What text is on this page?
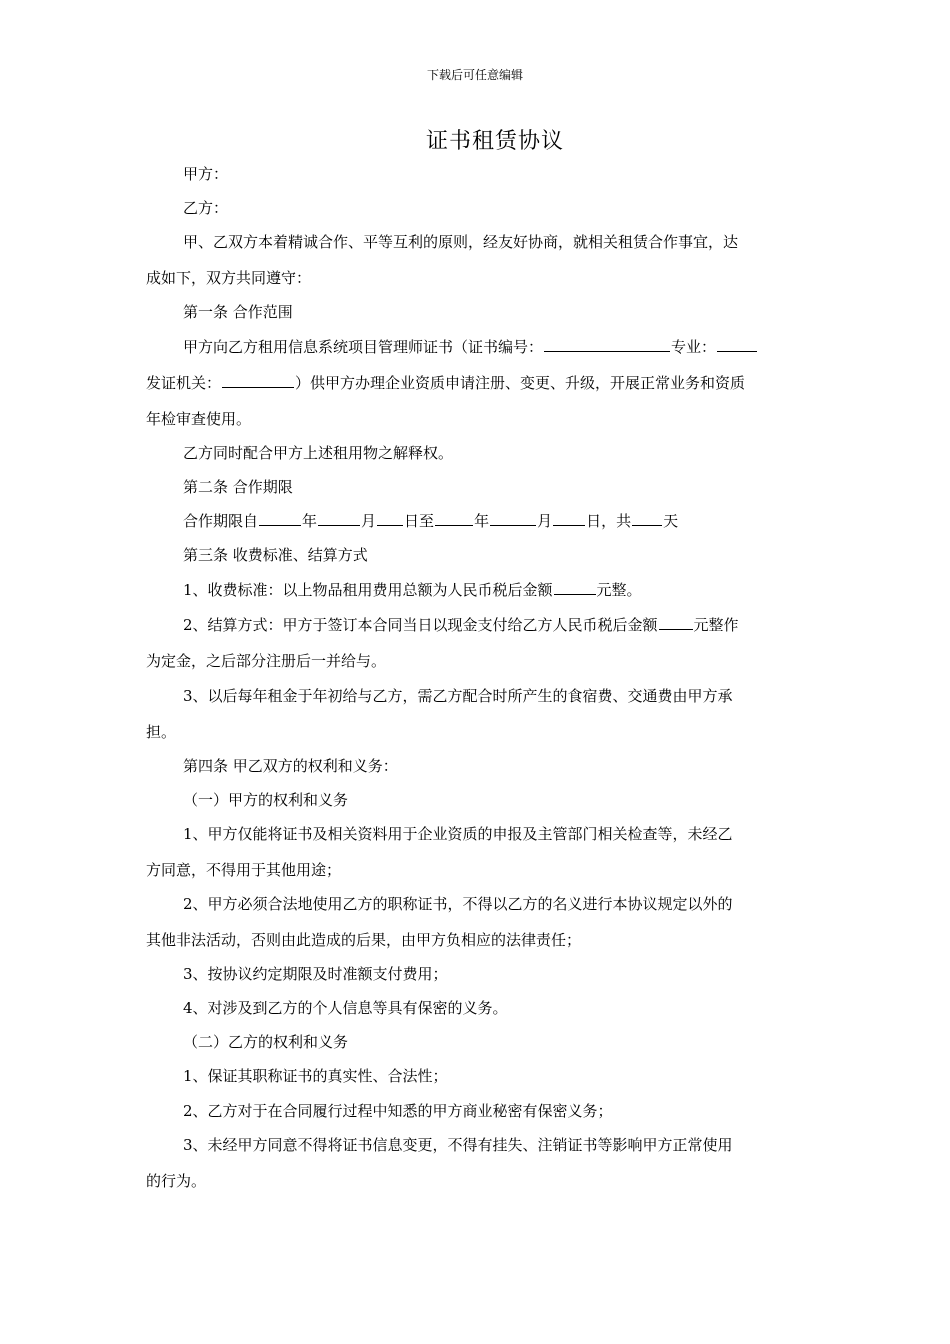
下载后可任意编辑
证书租赁协议
甲方：
乙方：
甲、乙双方本着精诚合作、平等互利的原则，经友好协商，就相关租赁合作事宜，达
成如下，双方共同遵守：
第一条 合作范围
甲方向乙方租用信息系统项目管理师证书（证书编号：	专业：
发证机关：	）供甲方办理企业资质申请注册、变更、升级，开展正常业务和资质
年检审查使用。
乙方同时配合甲方上述租用物之解释权。
第二条 合作期限
合作期限自	年	月 日至	年	月 日，共 天
第三条 收费标准、结算方式
1、收费标准：以上物品租用费用总额为人民币税后金额	元整。
2、结算方式：甲方于签订本合同当日以现金支付给乙方人民币税后金额 元整作
为定金，之后部分注册后一并给与。
3、以后每年租金于年初给与乙方，需乙方配合时所产生的食宿费、交通费由甲方承
担。
第四条 甲乙双方的权利和义务：
（一）甲方的权利和义务
1、甲方仅能将证书及相关资料用于企业资质的申报及主管部门相关检查等，未经乙
方同意，不得用于其他用途；
2、甲方必须合法地使用乙方的职称证书，不得以乙方的名义进行本协议规定以外的
其他非法活动，否则由此造成的后果，由甲方负相应的法律责任；
3、按协议约定期限及时准额支付费用；
4、对涉及到乙方的个人信息等具有保密的义务。
（二）乙方的权利和义务
1、保证其职称证书的真实性、合法性；
2、乙方对于在合同履行过程中知悉的甲方商业秘密有保密义务；
3、未经甲方同意不得将证书信息变更，不得有挂失、注销证书等影响甲方正常使用
的行为。
